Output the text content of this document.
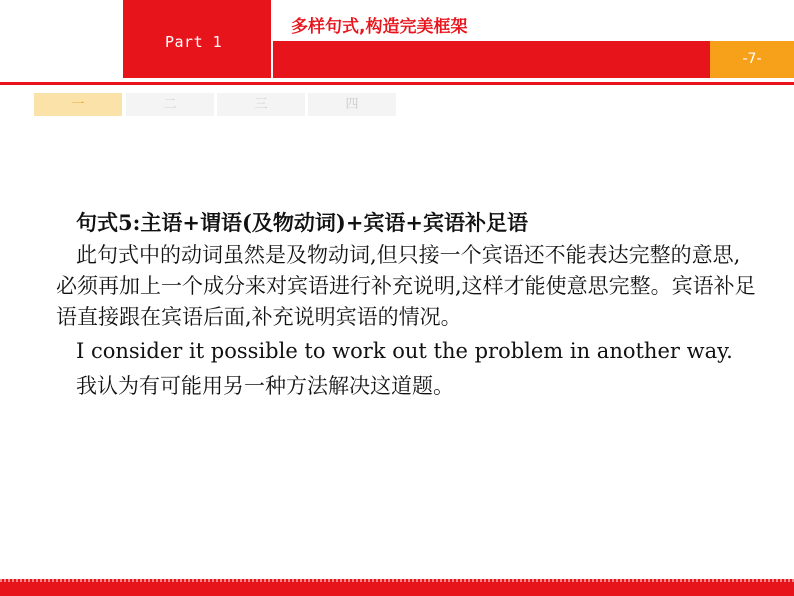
Part 1
多样句式,构造完美框架
-7-
一	二	三	四

句式5:主语+谓语(及物动词)+宾语+宾语补足语

此句式中的动词虽然是及物动词,但只接一个宾语还不能表达完整的意思,必须再加上一个成分来对宾语进行补充说明,这样才能使意思完整。宾语补足语直接跟在宾语后面,补充说明宾语的情况。

I consider it possible to work out the problem in another way.

我认为有可能用另一种方法解决这道题。
